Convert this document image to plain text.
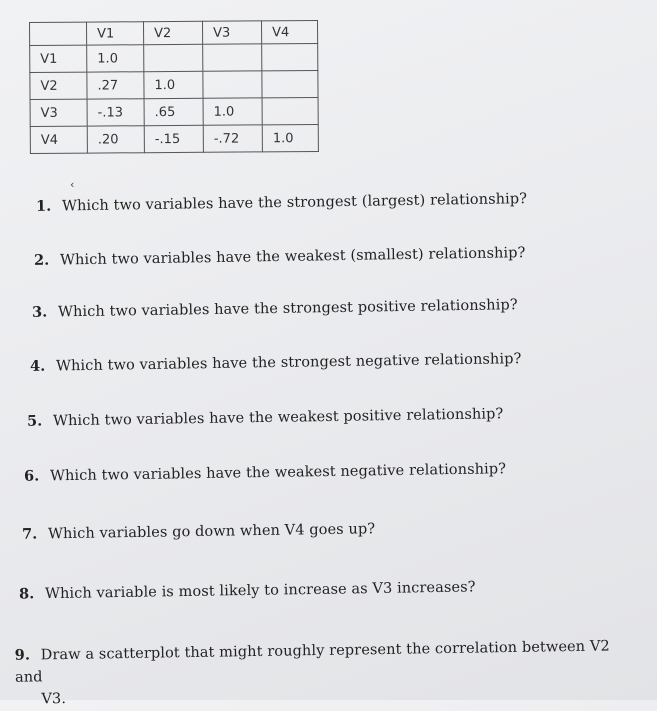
	V1	V2	V3	V4
V1	1.0			
V2	.27	1.0		
V3	-.13	.65	1.0	
V4	.20	-.15	-.72	1.0
‹
1. Which two variables have the strongest (largest) relationship?
2. Which two variables have the weakest (smallest) relationship?
3. Which two variables have the strongest positive relationship?
4. Which two variables have the strongest negative relationship?
5. Which two variables have the weakest positive relationship?
6. Which two variables have the weakest negative relationship?
7. Which variables go down when V4 goes up?
8. Which variable is most likely to increase as V3 increases?
9. Draw a scatterplot that might roughly represent the correlation between V2 and
V3.
